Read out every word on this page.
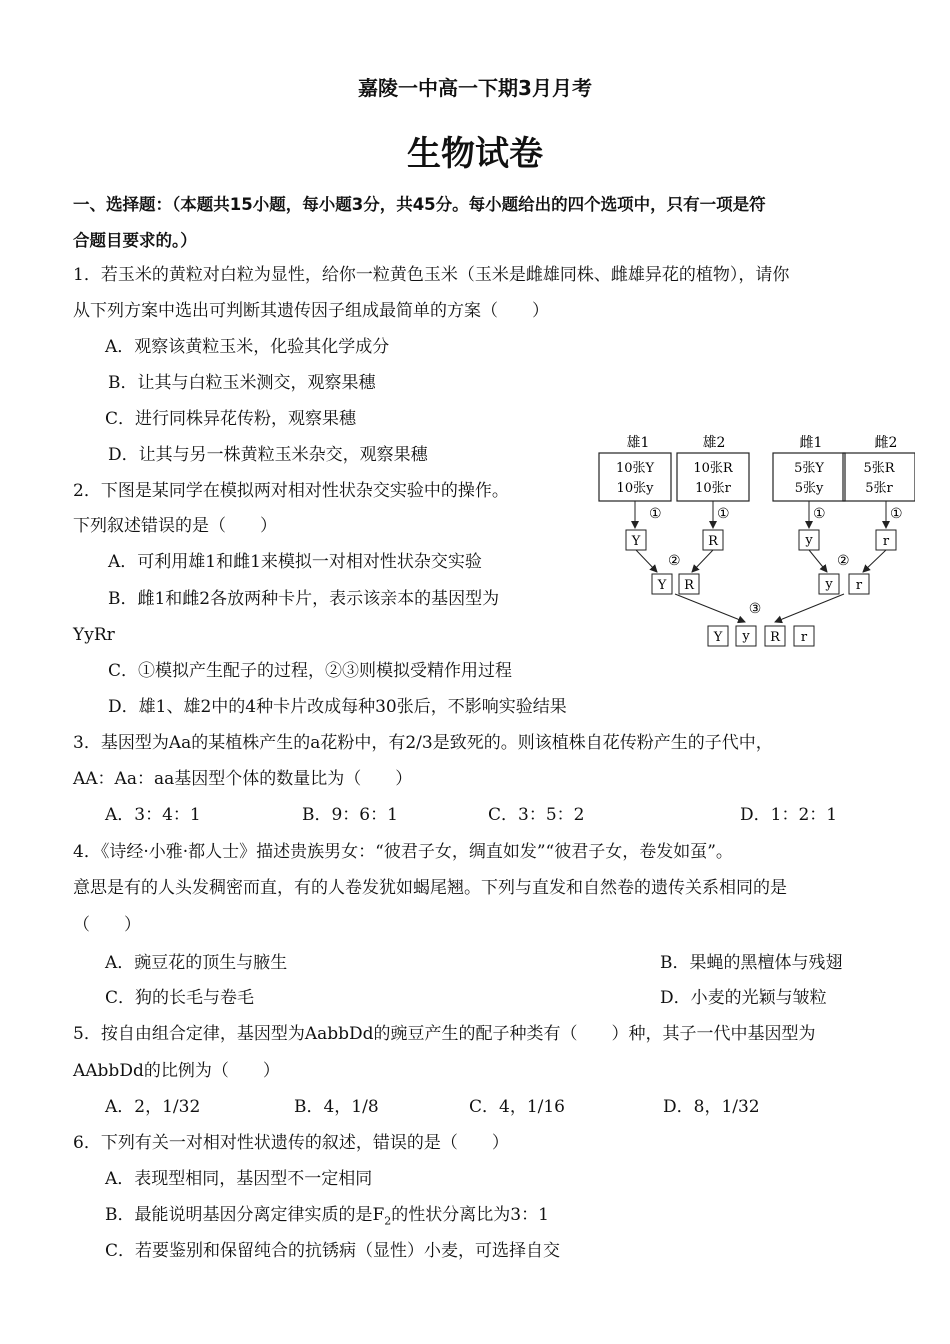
嘉陵一中高一下期3月月考
生物试卷
一、选择题：（本题共15小题，每小题3分，共45分。每小题给出的四个选项中，只有一项是符
合题目要求的。）
1．若玉米的黄粒对白粒为显性，给你一粒黄色玉米（玉米是雌雄同株、雌雄异花的植物），请你
从下列方案中选出可判断其遗传因子组成最简单的方案（　　）
A．观察该黄粒玉米，化验其化学成分
B．让其与白粒玉米测交，观察果穗
C．进行同株异花传粉，观察果穗
D．让其与另一株黄粒玉米杂交，观察果穗
2．下图是某同学在模拟两对相对性状杂交实验中的操作。
下列叙述错误的是（　　）
A．可利用雄1和雌1来模拟一对相对性状杂交实验
B．雌1和雌2各放两种卡片，表示该亲本的基因型为
YyRr
C．①模拟产生配子的过程，②③则模拟受精作用过程
D．雄1、雄2中的4种卡片改成每种30张后，不影响实验结果
雄1	雄2	雌1	雌2
10张Y
10张y
10张R
10张r
5张Y
5张y
5张R
5张r
①	①	①	①
Y	R	y	r
②	②
Y R	y r
③
Y y R r
3．基因型为Aa的某植株产生的a花粉中，有2/3是致死的。则该植株自花传粉产生的子代中，
AA：Aa：aa基因型个体的数量比为（　　）
A．3：4：1	B．9：6：1	C．3：5：2	D．1：2：1
4．《诗经·小雅·都人士》描述贵族男女：“彼君子女，绸直如发”“彼君子女，卷发如虿”。
意思是有的人头发稠密而直，有的人卷发犹如蝎尾翘。下列与直发和自然卷的遗传关系相同的是
（　　）
A．豌豆花的顶生与腋生	B．果蝇的黑檀体与残翅
C．狗的长毛与卷毛	D．小麦的光颖与皱粒
5．按自由组合定律，基因型为AabbDd的豌豆产生的配子种类有（　　）种，其子一代中基因型为
AAbbDd的比例为（　　）
A．2，1/32	B．4，1/8	C．4，1/16	D．8，1/32
6．下列有关一对相对性状遗传的叙述，错误的是（　　）
A．表现型相同，基因型不一定相同
B．最能说明基因分离定律实质的是$F_2$的性状分离比为3：1
C．若要鉴别和保留纯合的抗锈病（显性）小麦，可选择自交
